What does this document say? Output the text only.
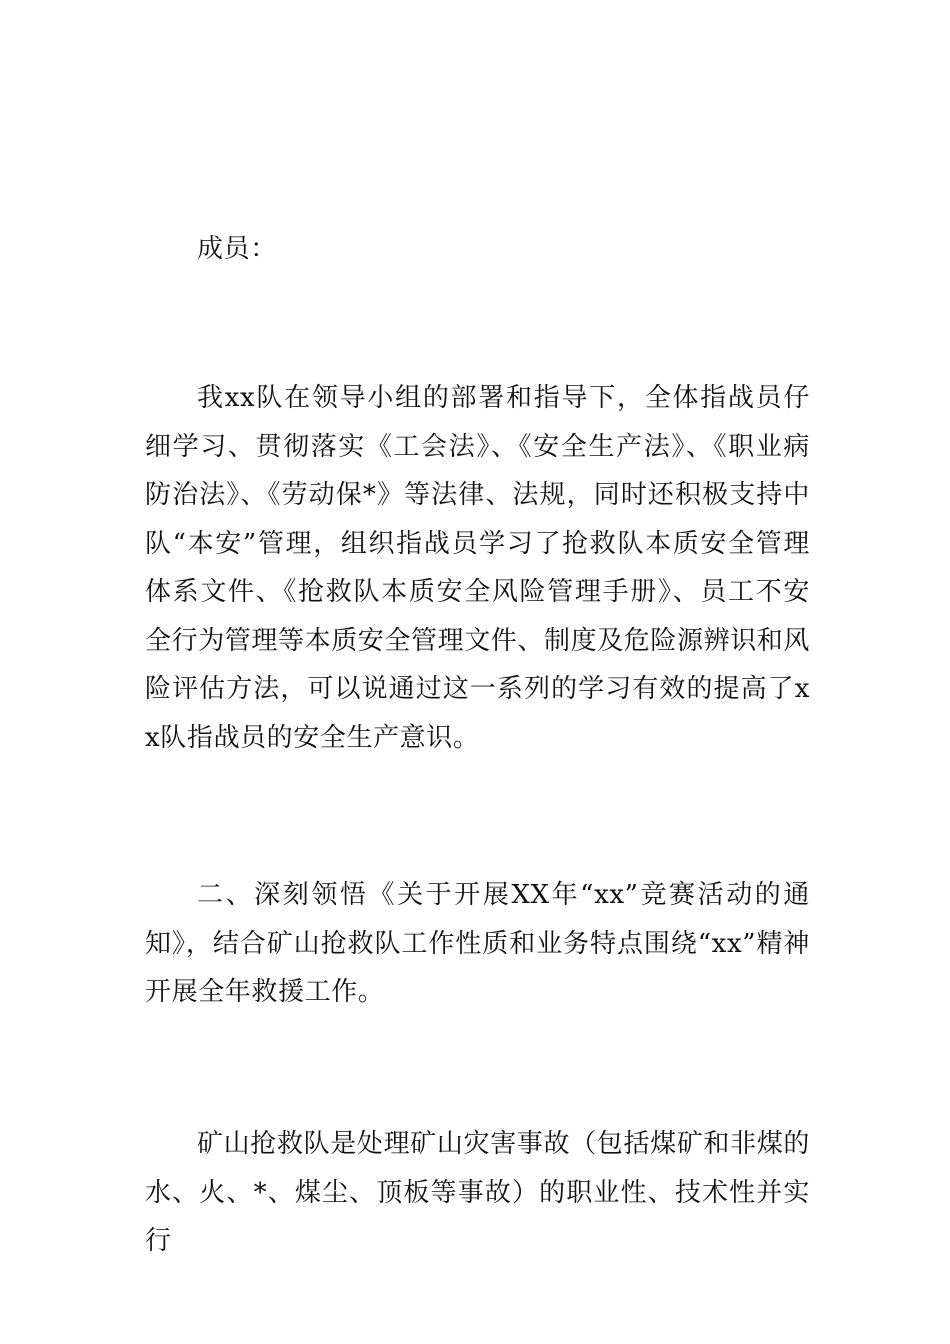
成员：

我xx队在领导小组的部署和指导下，全体指战员仔细学习、贯彻落实《工会法》、《安全生产法》、《职业病防治法》、《劳动保*》等法律、法规，同时还积极支持中队“本安”管理，组织指战员学习了抢救队本质安全管理体系文件、《抢救队本质安全风险管理手册》、员工不安全行为管理等本质安全管理文件、制度及危险源辨识和风险评估方法，可以说通过这一系列的学习有效的提高了xx队指战员的安全生产意识。

二、深刻领悟《关于开展XX年“xx”竞赛活动的通知》，结合矿山抢救队工作性质和业务特点围绕“xx”精神开展全年救援工作。

矿山抢救队是处理矿山灾害事故（包括煤矿和非煤的水、火、*、煤尘、顶板等事故）的职业性、技术性并实行
